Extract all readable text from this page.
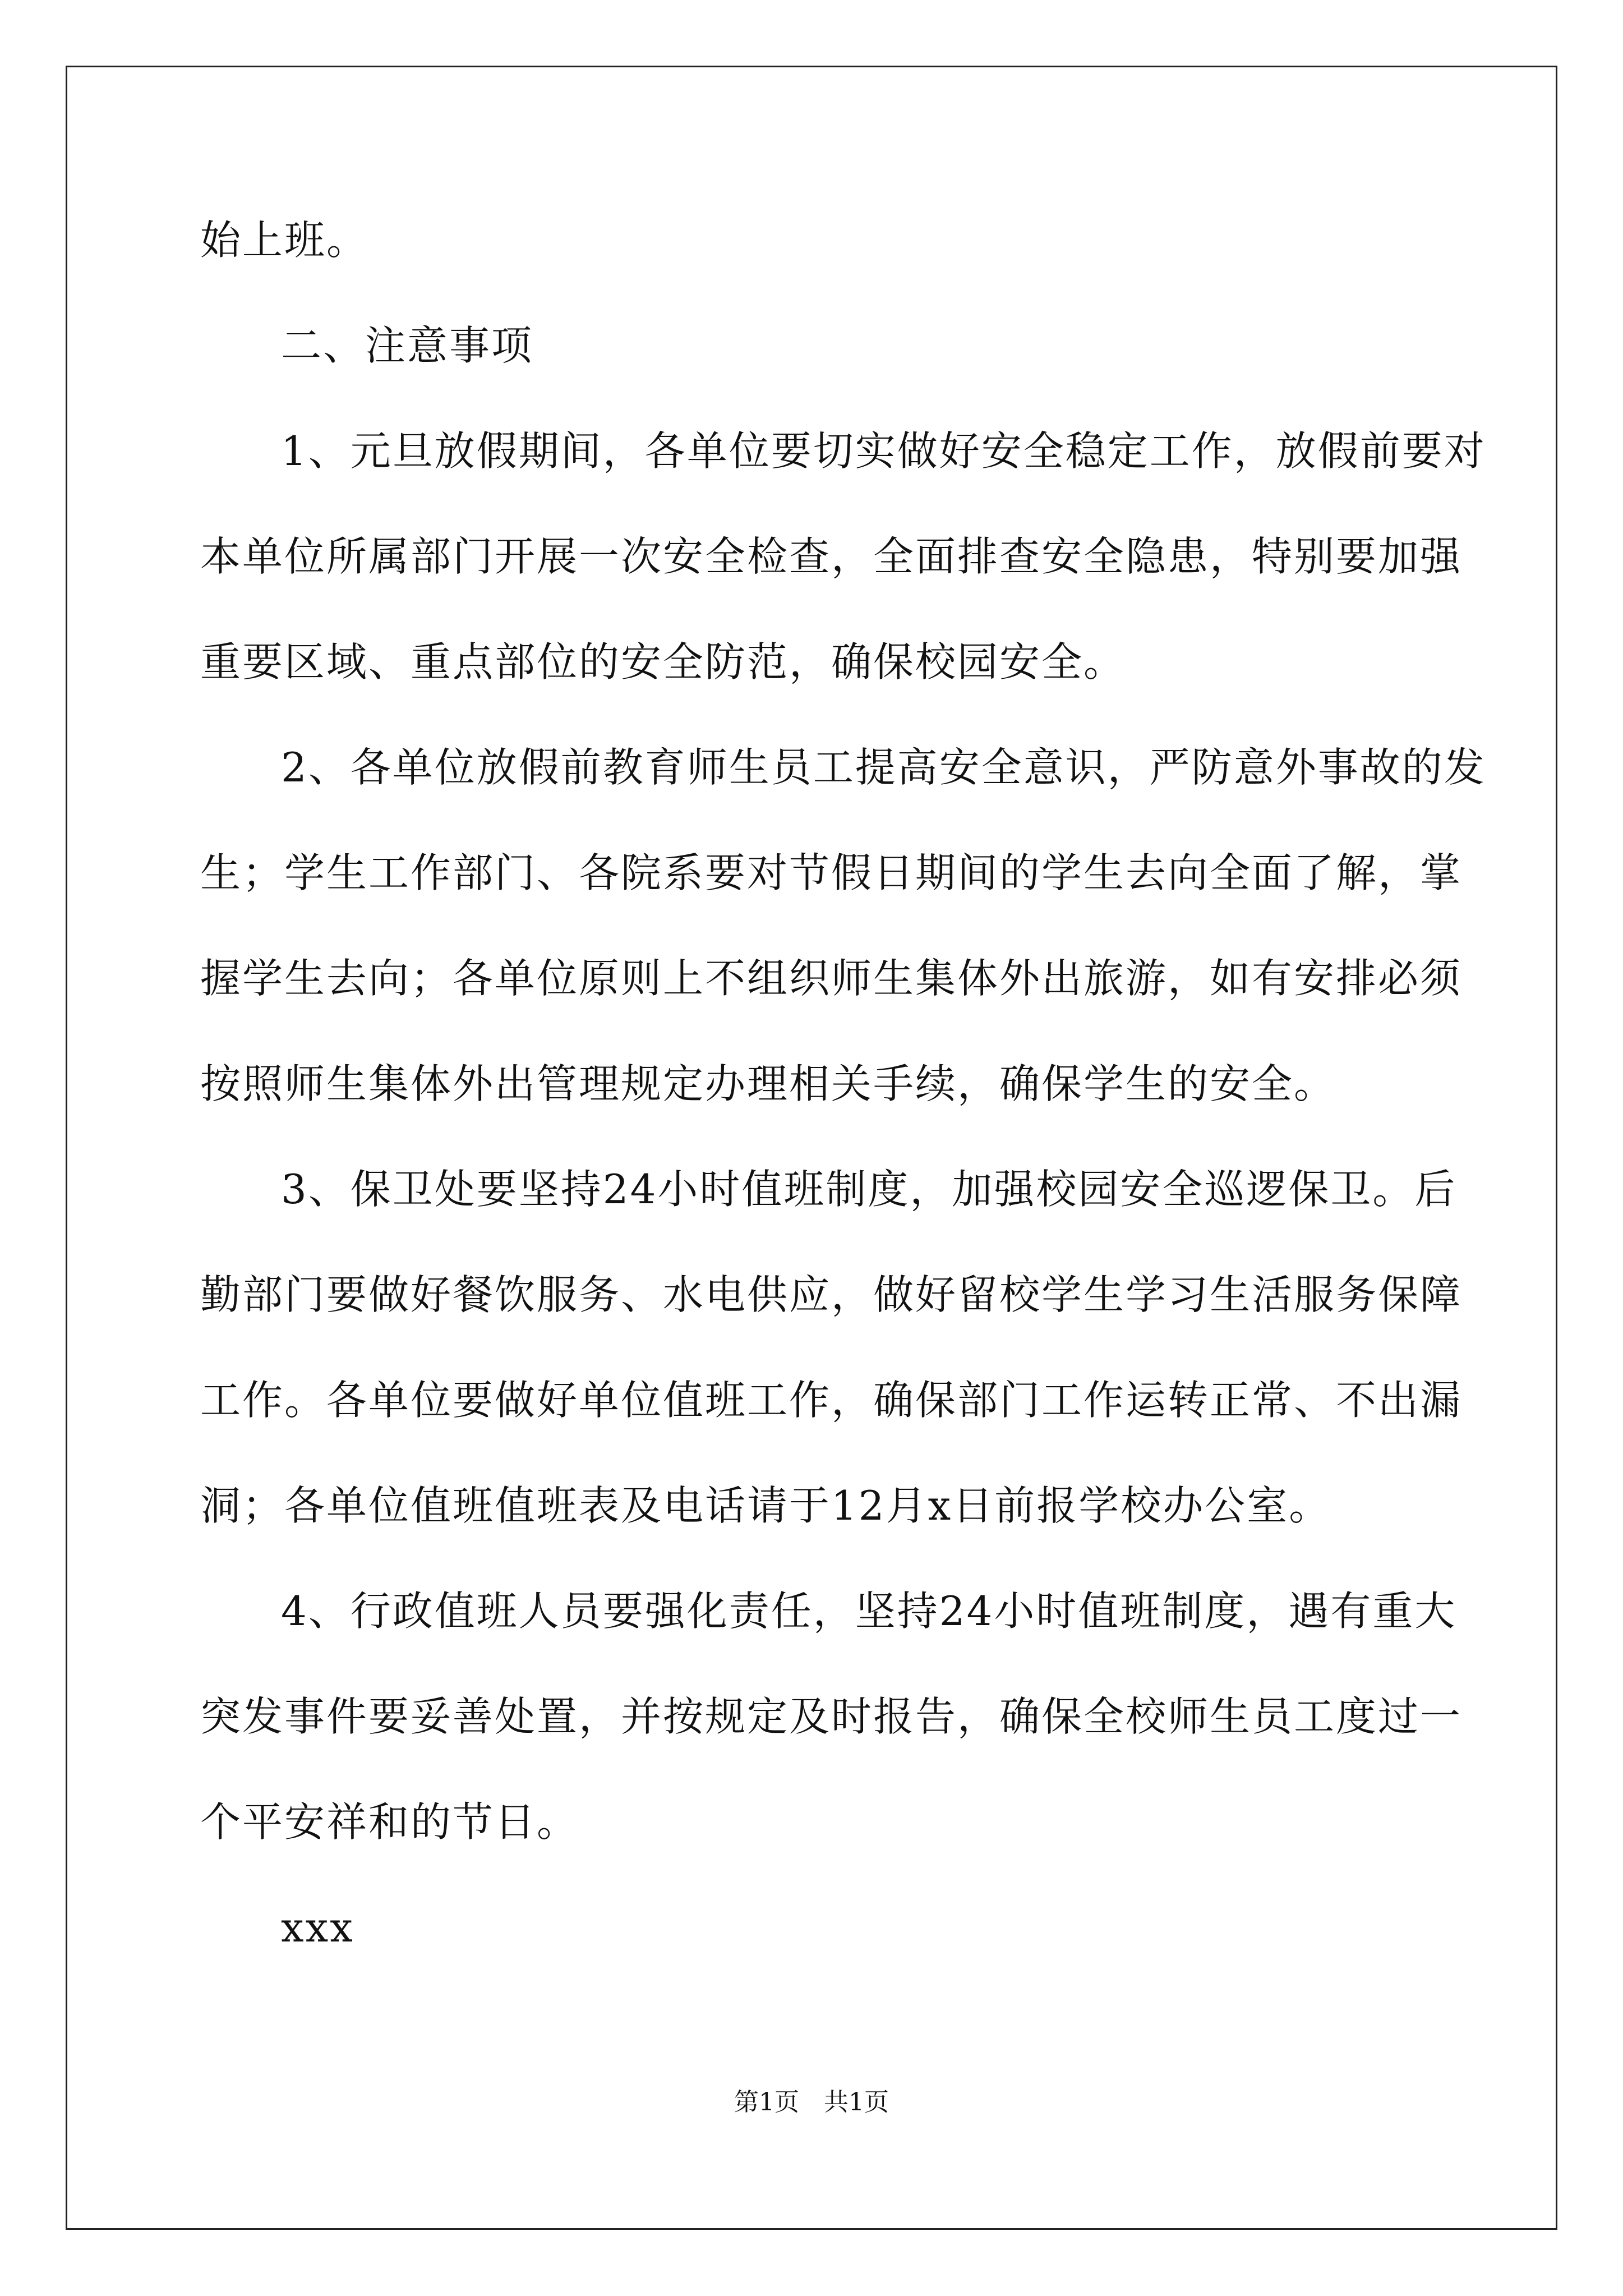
始上班。
二、注意事项
1、元旦放假期间，各单位要切实做好安全稳定工作，放假前要对
本单位所属部门开展一次安全检查，全面排查安全隐患，特别要加强
重要区域、重点部位的安全防范，确保校园安全。
2、各单位放假前教育师生员工提高安全意识，严防意外事故的发
生；学生工作部门、各院系要对节假日期间的学生去向全面了解，掌
握学生去向；各单位原则上不组织师生集体外出旅游，如有安排必须
按照师生集体外出管理规定办理相关手续，确保学生的安全。
3、保卫处要坚持24小时值班制度，加强校园安全巡逻保卫。后
勤部门要做好餐饮服务、水电供应，做好留校学生学习生活服务保障
工作。各单位要做好单位值班工作，确保部门工作运转正常、不出漏
洞；各单位值班值班表及电话请于12月x日前报学校办公室。
4、行政值班人员要强化责任，坚持24小时值班制度，遇有重大
突发事件要妥善处置，并按规定及时报告，确保全校师生员工度过一
个平安祥和的节日。
xxx
第1页　共1页
